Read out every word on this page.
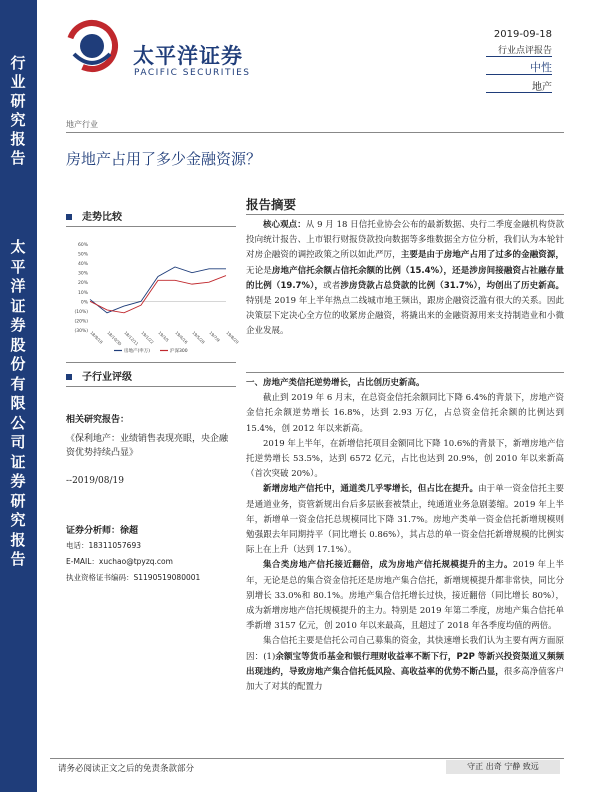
行业研究报告
太平洋证券股份有限公司证券研究报告
太平洋证券
PACIFIC SECURITIES
2019-09-18
行业点评报告
中性
地产
地产行业
房地产占用了多少金融资源？
走势比较
60%
50%
40%
30%
20%
10%
0%
(10%)
(20%)
(30%) 18/9/18 18/10/30 18/12/11 19/1/22 19/3/5 19/4/16 19/5/28 19/7/9 19/8/20
房地产(申万)	沪深300
子行业评级
相关研究报告：
《保利地产：业绩销售表现亮眼，央企融资优势持续凸显》
--2019/08/19
证券分析师：徐超
电话：18311057693
E-MAIL：xuchao@tpyzq.com
执业资格证书编码：S1190519080001
报告摘要

核心观点：从 9 月 18 日信托业协会公布的最新数据、央行二季度金融机构贷款投向统计报告、上市银行财报贷款投向数据等多维数据全方位分析，我们认为本轮针对房企融资的调控政策之所以如此严厉，主要是由于房地产占用了过多的金融资源，无论是房地产信托余额占信托余额的比例（15.4%），还是涉房间接融资占社融存量的比例（19.7%），或者涉房贷款占总贷款的比例（31.7%），均创出了历史新高。特别是 2019 年上半年热点二线城市地王频出，跟房企融资泛滥有很大的关系。因此决策层下定决心全方位的收紧房企融资，将撬出来的金融资源用来支持制造业和小微企业发展。

一、房地产类信托逆势增长，占比创历史新高。

截止到 2019 年 6 月末，在总资金信托余额同比下降 6.4%的背景下，房地产资金信托余额逆势增长 16.8%，达到 2.93 万亿，占总资金信托余额的比例达到 15.4%，创 2012 年以来新高。

2019 年上半年，在新增信托项目金额同比下降 10.6%的背景下，新增房地产信托逆势增长 53.5%，达到 6572 亿元，占比也达到 20.9%，创 2010 年以来新高（首次突破 20%）。

新增房地产信托中，通道类几乎零增长，但占比在提升。由于单一资金信托主要是通道业务，资管新规出台后多层嵌套被禁止，纯通道业务急剧萎缩。2019 年上半年，新增单一资金信托总规模同比下降 31.7%。房地产类单一资金信托新增规模则勉强跟去年同期持平（同比增长 0.86%），其占总的单一资金信托新增规模的比例实际上在上升（达到 17.1%）。

集合类房地产信托接近翻倍，成为房地产信托规模提升的主力。2019 年上半年，无论是总的集合资金信托还是房地产集合信托，新增规模提升都非常快，同比分别增长 33.0%和 80.1%。房地产集合信托增长过快，接近翻倍（同比增长 80%），成为新增房地产信托规模提升的主力。特别是 2019 年第二季度，房地产集合信托单季新增 3157 亿元，创 2010 年以来最高，且超过了 2018 年各季度均值的两倍。

集合信托主要是信托公司自己募集的资金，其快速增长我们认为主要有两方面原因：(1)余额宝等货币基金和银行理财收益率不断下行，P2P 等新兴投资渠道又频频出现违约，导致房地产集合信托低风险、高收益率的优势不断凸显，很多高净值客户加大了对其的配置力

请务必阅读正文之后的免责条款部分	守正 出奇 宁静 致远
